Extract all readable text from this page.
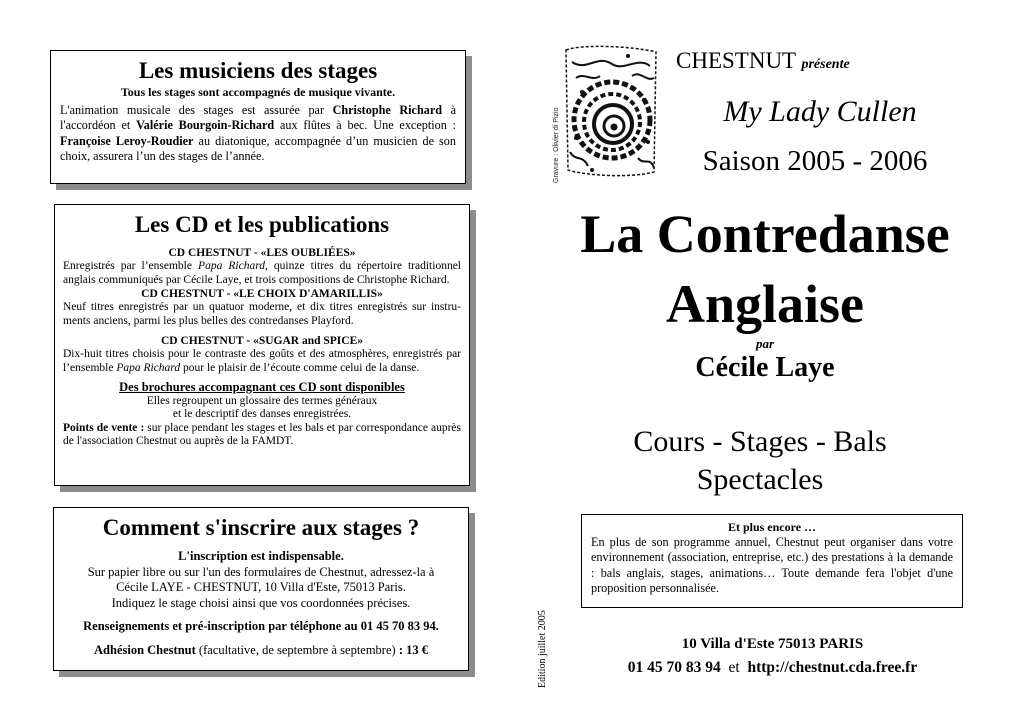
Les musiciens des stages

Tous les stages sont accompagnés de musique vivante.

L'animation musicale des stages est assurée par Christophe Richard à l'accordéon et Valérie Bourgoin-Richard aux flûtes à bec. Une exception : Françoise Leroy-Roudier au diatonique, accompagnée d’un musicien de son choix, assurera l’un des stages de l’année.

Les CD et les publications

CD CHESTNUT - «LES OUBLIÉES»

Enregistrés par l’ensemble Papa Richard, quinze titres du répertoire traditionnel anglais communiqués par Cécile Laye, et trois compositions de Christophe Richard.

CD CHESTNUT - «LE CHOIX D'AMARILLIS»

Neuf titres enregistrés par un quatuor moderne, et dix titres enregistrés sur instru-ments anciens, parmi les plus belles des contredanses Playford.

CD CHESTNUT - «SUGAR and SPICE»

Dix-huit titres choisis pour le contraste des goûts et des atmosphères, enregistrés par l’ensemble Papa Richard pour le plaisir de l’écoute comme celui de la danse.

Des brochures accompagnant ces CD sont disponibles

Elles regroupent un glossaire des termes généraux

et le descriptif des danses enregistrées.

Points de vente : sur place pendant les stages et les bals et par correspondance auprès de l'association Chestnut ou auprès de la FAMDT.

Comment s'inscrire aux stages ?

L'inscription est indispensable.

Sur papier libre ou sur l'un des formulaires de Chestnut, adressez-la à

Cécile LAYE - CHESTNUT, 10 Villa d'Este, 75013 Paris.

Indiquez le stage choisi ainsi que vos coordonnées précises.

Renseignements et pré-inscription par téléphone au 01 45 70 83 94.

Adhésion Chestnut (facultative, de septembre à septembre) : 13 €

Gravure : Olivier di Pizio
Edition juillet 2005
CHESTNUT présente
My Lady Cullen
Saison 2005 - 2006
La Contredanse
Anglaise
par
Cécile Laye
Cours - Stages - Bals
Spectacles

Et plus encore …

En plus de son programme annuel, Chestnut peut organiser dans votre environnement (association, entreprise, etc.) des prestations à la demande : bals anglais, stages, animations… Toute demande fera l'objet d'une proposition personnalisée.

10 Villa d'Este 75013 PARIS
01 45 70 83 94  et  http://chestnut.cda.free.fr
